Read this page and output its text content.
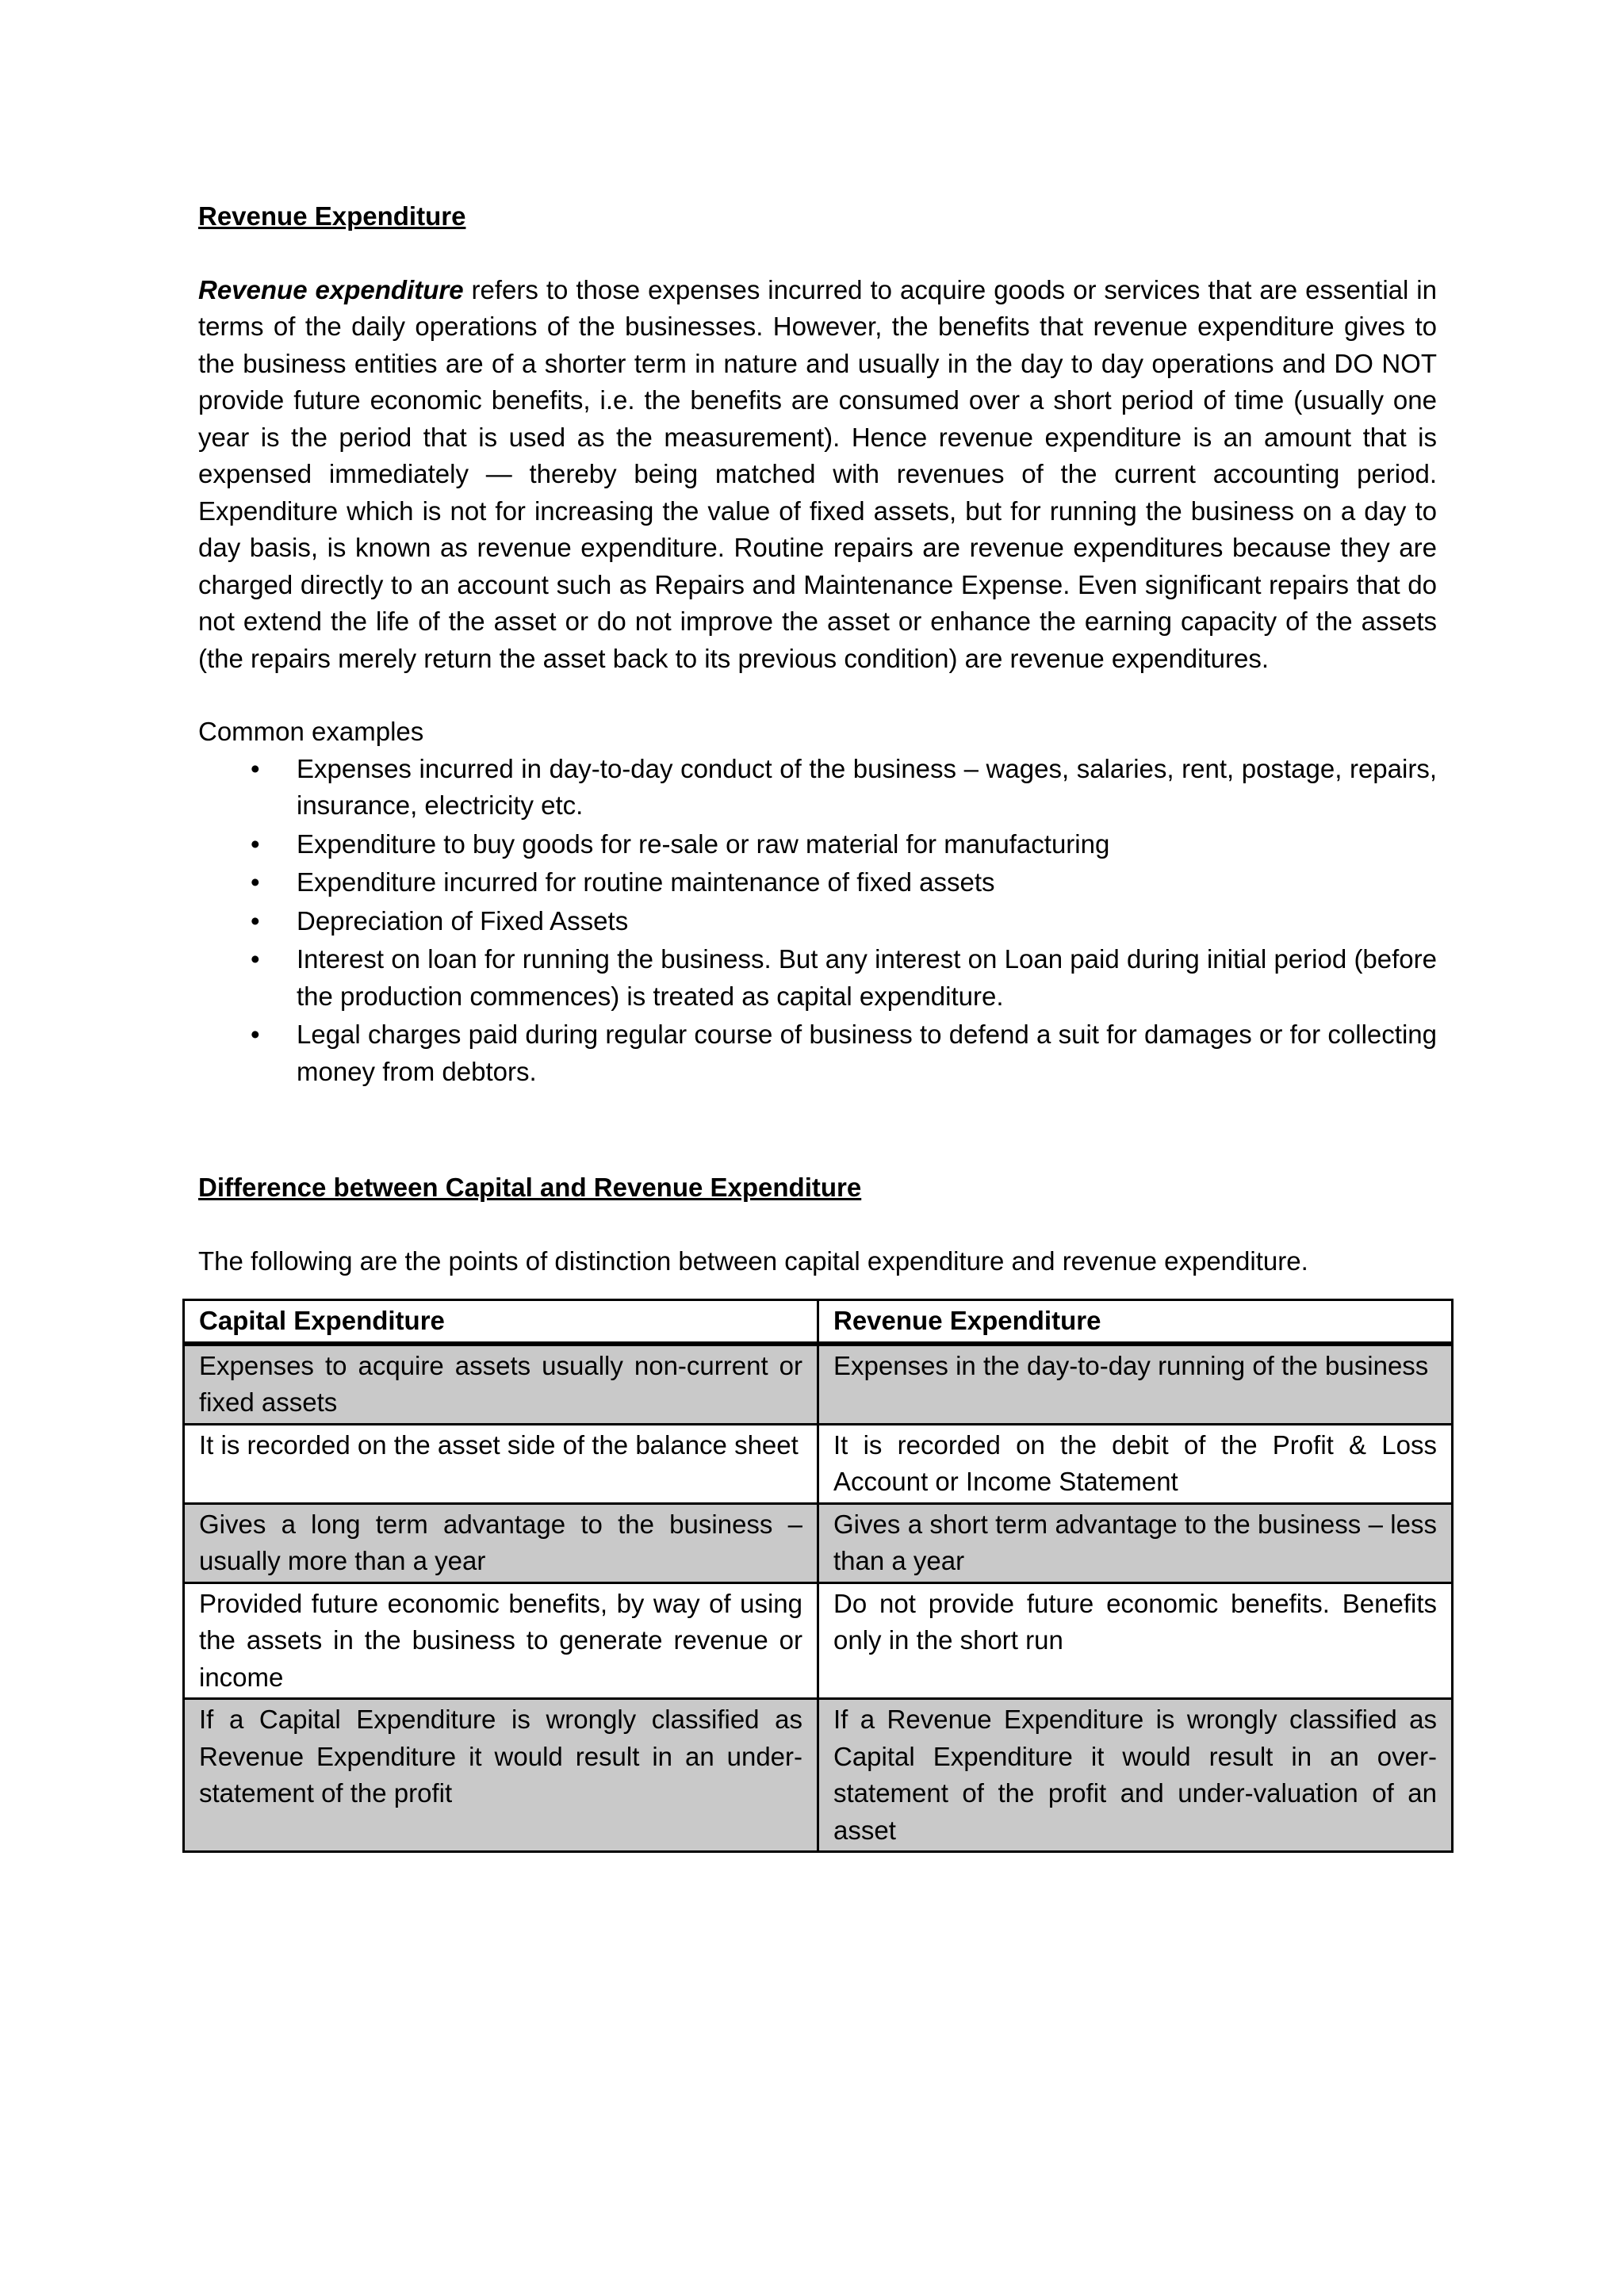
Revenue Expenditure

Revenue expenditure refers to those expenses incurred to acquire goods or services that are essential in terms of the daily operations of the businesses. However, the benefits that revenue expenditure gives to the business entities are of a shorter term in nature and usually in the day to day operations and DO NOT provide future economic benefits, i.e. the benefits are consumed over a short period of time (usually one year is the period that is used as the measurement). Hence revenue expenditure is an amount that is expensed immediately — thereby being matched with revenues of the current accounting period. Expenditure which is not for increasing the value of fixed assets, but for running the business on a day to day basis, is known as revenue expenditure. Routine repairs are revenue expenditures because they are charged directly to an account such as Repairs and Maintenance Expense. Even significant repairs that do not extend the life of the asset or do not improve the asset or enhance the earning capacity of the assets (the repairs merely return the asset back to its previous condition) are revenue expenditures.

Common examples

• Expenses incurred in day-to-day conduct of the business – wages, salaries, rent, postage, repairs, insurance, electricity etc.
• Expenditure to buy goods for re-sale or raw material for manufacturing
• Expenditure incurred for routine maintenance of fixed assets
• Depreciation of Fixed Assets
• Interest on loan for running the business. But any interest on Loan paid during initial period (before the production commences) is treated as capital expenditure.
• Legal charges paid during regular course of business to defend a suit for damages or for collecting money from debtors.

Difference between Capital and Revenue Expenditure

The following are the points of distinction between capital expenditure and revenue expenditure.

Capital Expenditure	Revenue Expenditure
Expenses to acquire assets usually non-current or fixed assets	Expenses in the day-to-day running of the business
It is recorded on the asset side of the balance sheet	It is recorded on the debit of the Profit & Loss Account or Income Statement
Gives a long term advantage to the business – usually more than a year	Gives a short term advantage to the business – less than a year
Provided future economic benefits, by way of using the assets in the business to generate revenue or income	Do not provide future economic benefits. Benefits only in the short run
If a Capital Expenditure is wrongly classified as Revenue Expenditure it would result in an under-statement of the profit	If a Revenue Expenditure is wrongly classified as Capital Expenditure it would result in an over-statement of the profit and under-valuation of an asset
